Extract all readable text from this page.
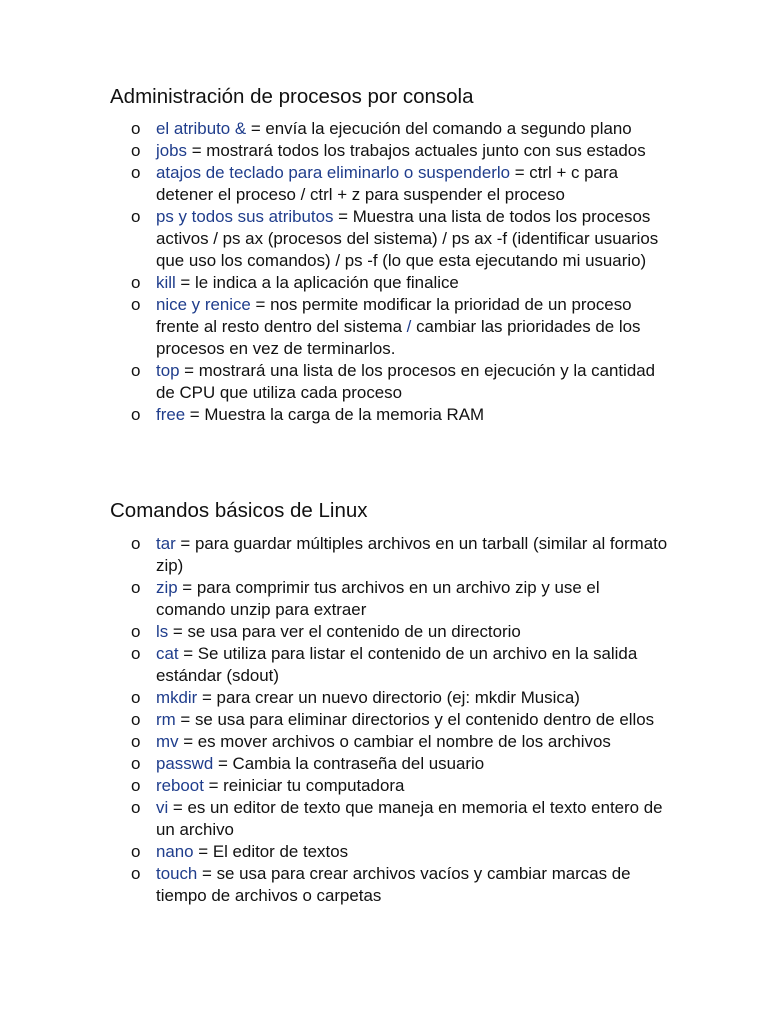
Administración de procesos por consola
o el atributo & = envía la ejecución del comando a segundo plano
o jobs = mostrará todos los trabajos actuales junto con sus estados
o atajos de teclado para eliminarlo o suspenderlo = ctrl + c para detener el proceso / ctrl + z para suspender el proceso
o ps y todos sus atributos = Muestra una lista de todos los procesos activos / ps ax (procesos del sistema) / ps ax -f (identificar usuarios que uso los comandos) / ps -f (lo que esta ejecutando mi usuario)
o kill = le indica a la aplicación que finalice
o nice y renice = nos permite modificar la prioridad de un proceso frente al resto dentro del sistema / cambiar las prioridades de los procesos en vez de terminarlos.
o top = mostrará una lista de los procesos en ejecución y la cantidad de CPU que utiliza cada proceso
o free = Muestra la carga de la memoria RAM
Comandos básicos de Linux
o tar = para guardar múltiples archivos en un tarball (similar al formato zip)
o zip = para comprimir tus archivos en un archivo zip y use el comando unzip para extraer
o ls = se usa para ver el contenido de un directorio
o cat = Se utiliza para listar el contenido de un archivo en la salida estándar (sdout)
o mkdir = para crear un nuevo directorio (ej: mkdir Musica)
o rm = se usa para eliminar directorios y el contenido dentro de ellos
o mv = es mover archivos o cambiar el nombre de los archivos
o passwd = Cambia la contraseña del usuario
o reboot = reiniciar tu computadora
o vi = es un editor de texto que maneja en memoria el texto entero de un archivo
o nano = El editor de textos
o touch = se usa para crear archivos vacíos y cambiar marcas de tiempo de archivos o carpetas
